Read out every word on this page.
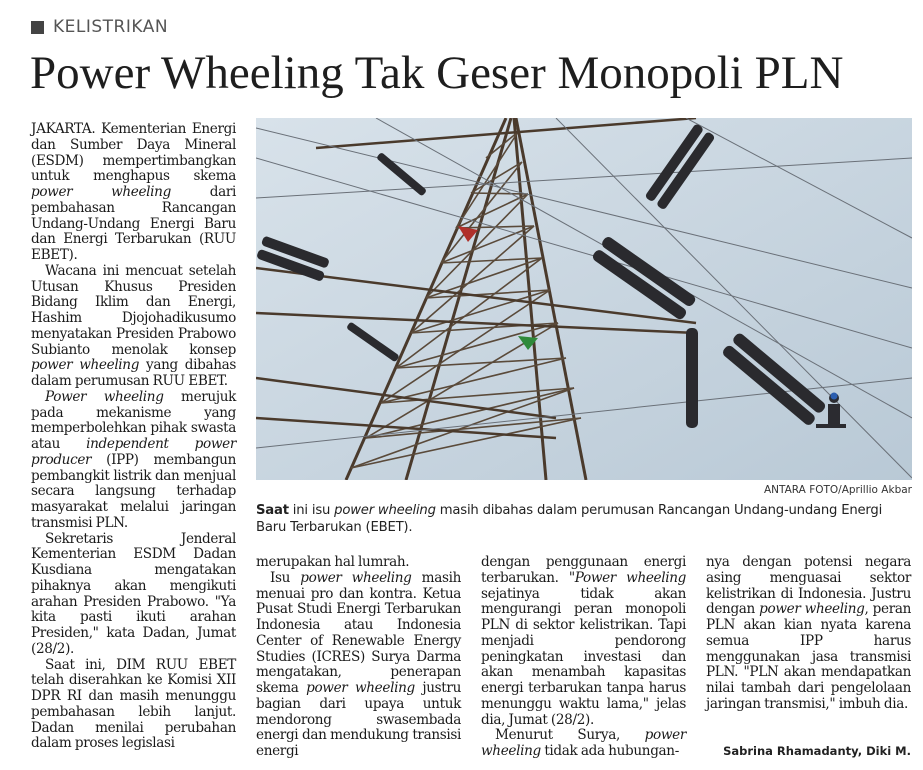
KELISTRIKAN
Power Wheeling Tak Geser Monopoli PLN

JAKARTA. Kementerian Energi dan Sumber Daya Mineral (ESDM) mempertimbangkan untuk menghapus skema power wheeling dari pembahasan Rancangan Undang-Undang Energi Baru dan Energi Terbarukan (RUU EBET).

Wacana ini mencuat setelah Utusan Khusus Presiden Bidang Iklim dan Energi, Hashim Djojohadikusumo menyatakan Presiden Prabowo Subianto menolak konsep power wheeling yang dibahas dalam perumusan RUU EBET.

Power wheeling merujuk pada mekanisme yang memperbolehkan pihak swasta atau independent power producer (IPP) membangun pembangkit listrik dan menjual secara langsung terhadap masyarakat melalui jaringan transmisi PLN.

Sekretaris Jenderal Kementerian ESDM Dadan Kusdiana mengatakan pihaknya akan mengikuti arahan Presiden Prabowo. "Ya kita pasti ikuti arahan Presiden," kata Dadan, Jumat (28/2).

Saat ini, DIM RUU EBET telah diserahkan ke Komisi XII DPR RI dan masih menunggu pembahasan lebih lanjut. Dadan menilai perubahan dalam proses legislasi

ANTARA FOTO/Aprillio Akbar
Saat ini isu power wheeling masih dibahas dalam perumusan Rancangan Undang-undang Energi Baru Terbarukan (EBET).

merupakan hal lumrah.

Isu power wheeling masih menuai pro dan kontra. Ketua Pusat Studi Energi Terbarukan Indonesia atau Indonesia Center of Renewable Energy Studies (ICRES) Surya Darma mengatakan, penerapan skema power wheeling justru bagian dari upaya untuk mendorong swasembada energi dan mendukung transisi energi

dengan penggunaan energi terbarukan. "Power wheeling sejatinya tidak akan mengurangi peran monopoli PLN di sektor kelistrikan. Tapi menjadi pendorong peningkatan investasi dan akan menambah kapasitas energi terbarukan tanpa harus menunggu waktu lama," jelas dia, Jumat (28/2).

Menurut Surya, power wheeling tidak ada hubungan-

nya dengan potensi negara asing menguasai sektor kelistrikan di Indonesia. Justru dengan power wheeling, peran PLN akan kian nyata karena semua IPP harus menggunakan jasa transmisi PLN. "PLN akan mendapatkan nilai tambah dari pengelolaan jaringan transmisi," imbuh dia.

Sabrina Rhamadanty, Diki M.
